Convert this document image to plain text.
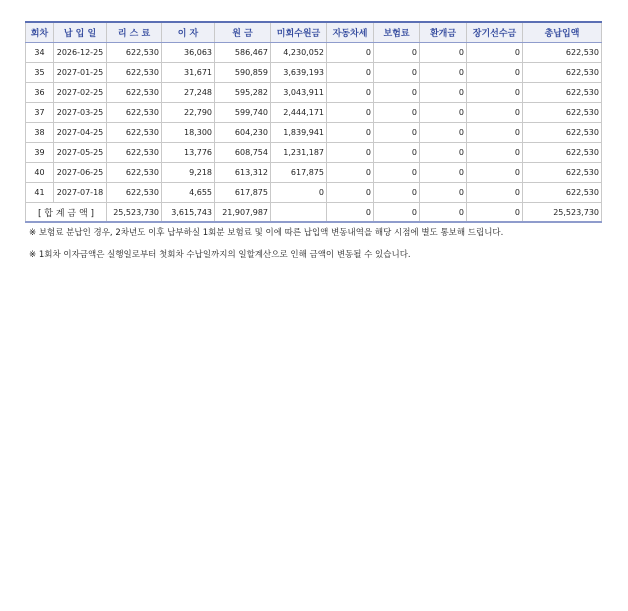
회차	납 입 일	리 스 료	이 자	원 금	미회수원금	자동차세	보험료	환개금	장기선수금	총납입액
34	2026-12-25	622,530	36,063	586,467	4,230,052	0	0	0	0	622,530
35	2027-01-25	622,530	31,671	590,859	3,639,193	0	0	0	0	622,530
36	2027-02-25	622,530	27,248	595,282	3,043,911	0	0	0	0	622,530
37	2027-03-25	622,530	22,790	599,740	2,444,171	0	0	0	0	622,530
38	2027-04-25	622,530	18,300	604,230	1,839,941	0	0	0	0	622,530
39	2027-05-25	622,530	13,776	608,754	1,231,187	0	0	0	0	622,530
40	2027-06-25	622,530	9,218	613,312	617,875	0	0	0	0	622,530
41	2027-07-18	622,530	4,655	617,875	0	0	0	0	0	622,530
[ 합 계 금 액 ]		25,523,730	3,615,743	21,907,987		0	0	0	0	25,523,730
※ 보험료 분납인 경우, 2차년도 이후 납부하실 1회분 보험료 및 이에 따른 납입액 변동내역을 해당 시점에 별도 통보해 드립니다.
※ 1회차 이자금액은 실행일로부터 첫회차 수납일까지의 일할계산으로 인해 금액이 변동될 수 있습니다.
